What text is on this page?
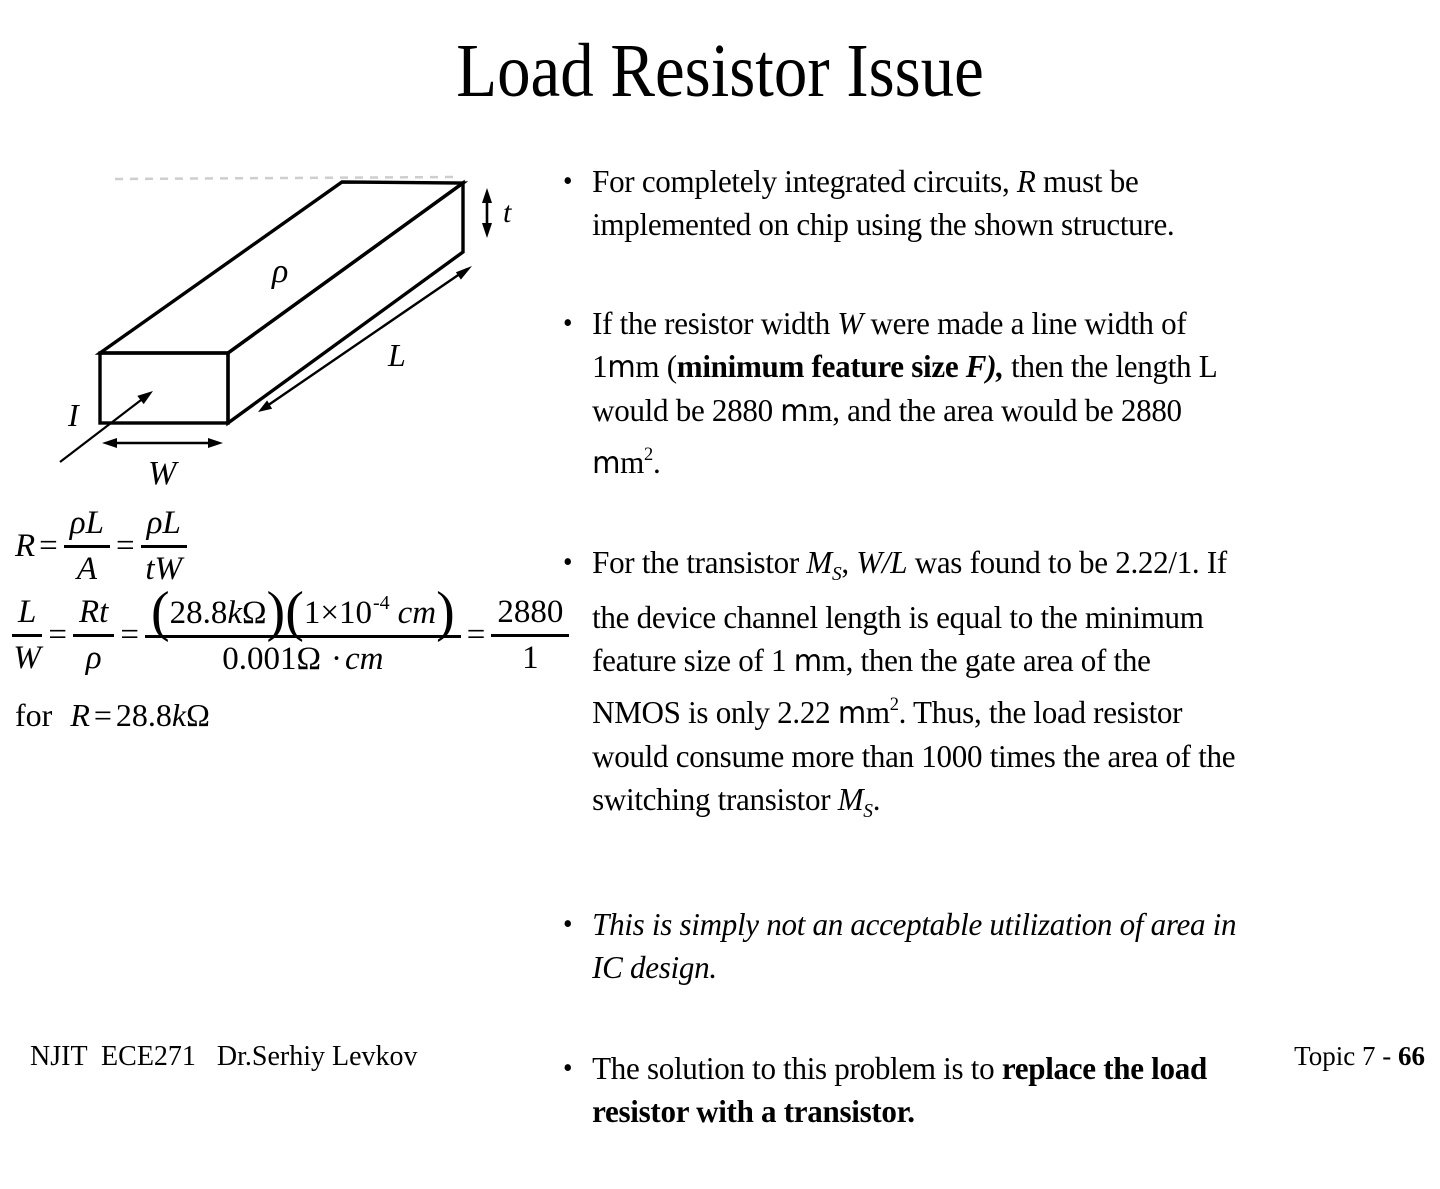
Load Resistor Issue
ρ
t
L
I
W
$R = \frac{\rho L}{A} = \frac{\rho L}{tW}$
$\frac{L}{W} = \frac{Rt}{\rho} = \frac{(28.8k\Omega)(1\times 10^{-4} cm)}{0.001\Omega \cdot cm} = \frac{2880}{1}$
for R = 28.8 k Ω
• For completely integrated circuits, R must be
implemented on chip using the shown structure.
• If the resistor width W were made a line width of
1mm (minimum feature size F), then the length L
would be 2880 mm, and the area would be 2880
$mm^2$.
• For the transistor $M_S$, W/L was found to be 2.22/1. If
the device channel length is equal to the minimum
feature size of 1 mm, then the gate area of the
NMOS is only 2.22 $mm^2$. Thus, the load resistor
would consume more than 1000 times the area of the
switching transistor $M_S$.
• This is simply not an acceptable utilization of area in
IC design.
• The solution to this problem is to replace the load
resistor with a transistor.
NJIT  ECE271   Dr.Serhiy Levkov	Topic 7 - 66
